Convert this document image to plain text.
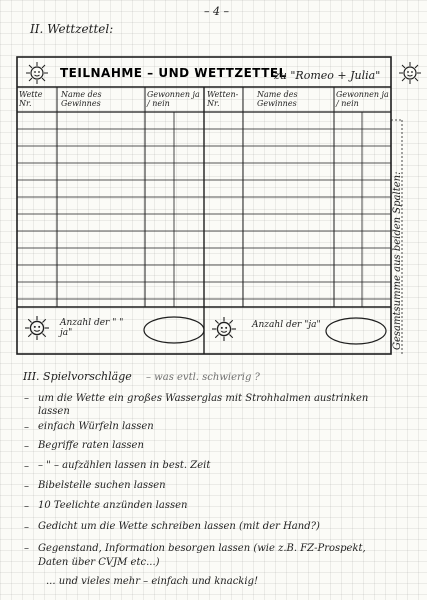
– 4 –
II. Wettzettel:
TEILNAHME – UND WETTZETTEL
zu "Romeo + Julia"
Wette Nr.
Name des Gewinnes
Gewonnen ja / nein
Wetten-Nr.
Name des Gewinnes
Gewonnen ja / nein
Anzahl der " " ja"
Anzahl der "ja"	Gesamtsumme aus beiden Spalten:
III. Spielvorschläge – was evtl. schwierig ?
– um die Wette ein großes Wasserglas mit Strohhalmen austrinken lassen
– einfach Würfeln lassen
– Begriffe raten lassen
– – " – aufzählen lassen in best. Zeit
– Bibelstelle suchen lassen
– 10 Teelichte anzünden lassen
– Gedicht um die Wette schreiben lassen (mit der Hand?)
– Gegenstand, Information besorgen lassen (wie z.B. FZ-Prospekt, Daten über CVJM etc...)
... und vieles mehr – einfach und knackig!
